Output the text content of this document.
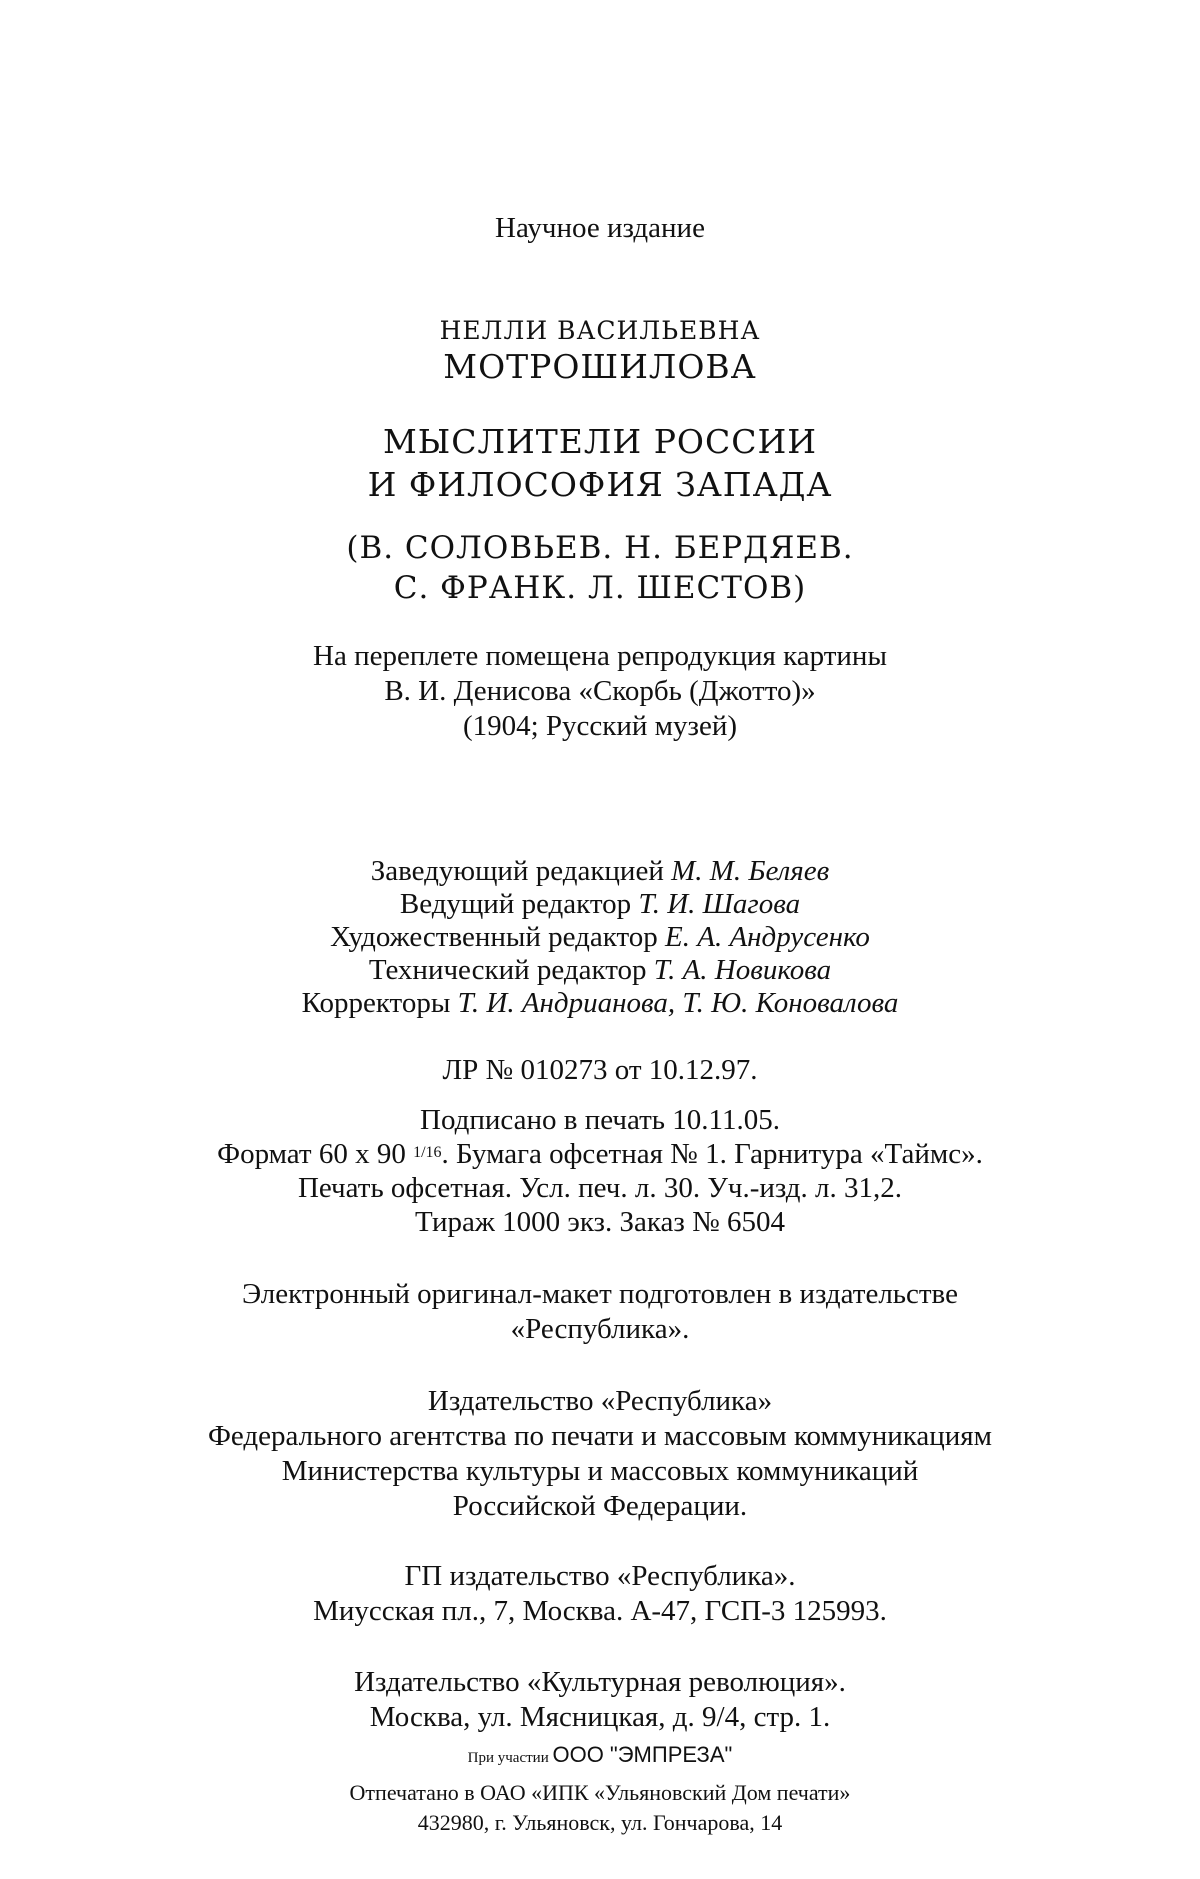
Научное издание
НЕЛЛИ ВАСИЛЬЕВНА
МОТРОШИЛОВА
МЫСЛИТЕЛИ РОССИИ
И ФИЛОСОФИЯ ЗАПАДА
(В. СОЛОВЬЕВ. Н. БЕРДЯЕВ.
С. ФРАНК. Л. ШЕСТОВ)
На переплете помещена репродукция картины
В. И. Денисова «Скорбь (Джотто)»
(1904; Русский музей)
Заведующий редакцией М. М. Беляев
Ведущий редактор Т. И. Шагова
Художественный редактор Е. А. Андрусенко
Технический редактор Т. А. Новикова
Корректоры Т. И. Андрианова, Т. Ю. Коновалова
ЛР № 010273 от 10.12.97.
Подписано в печать 10.11.05.
Формат 60 x 90 $^{1/16}$. Бумага офсетная № 1. Гарнитура «Таймс».
Печать офсетная. Усл. печ. л. 30. Уч.-изд. л. 31,2.
Тираж 1000 экз. Заказ № 6504
Электронный оригинал-макет подготовлен в издательстве
«Республика».
Издательство «Республика»
Федерального агентства по печати и массовым коммуникациям
Министерства культуры и массовых коммуникаций
Российской Федерации.
ГП издательство «Республика».
Миусская пл., 7, Москва. А-47, ГСП-3 125993.
Издательство «Культурная революция».
Москва, ул. Мясницкая, д. 9/4, стр. 1.
При участии ООО "ЭМПРЕЗА"
Отпечатано в ОАО «ИПК «Ульяновский Дом печати»
432980, г. Ульяновск, ул. Гончарова, 14
